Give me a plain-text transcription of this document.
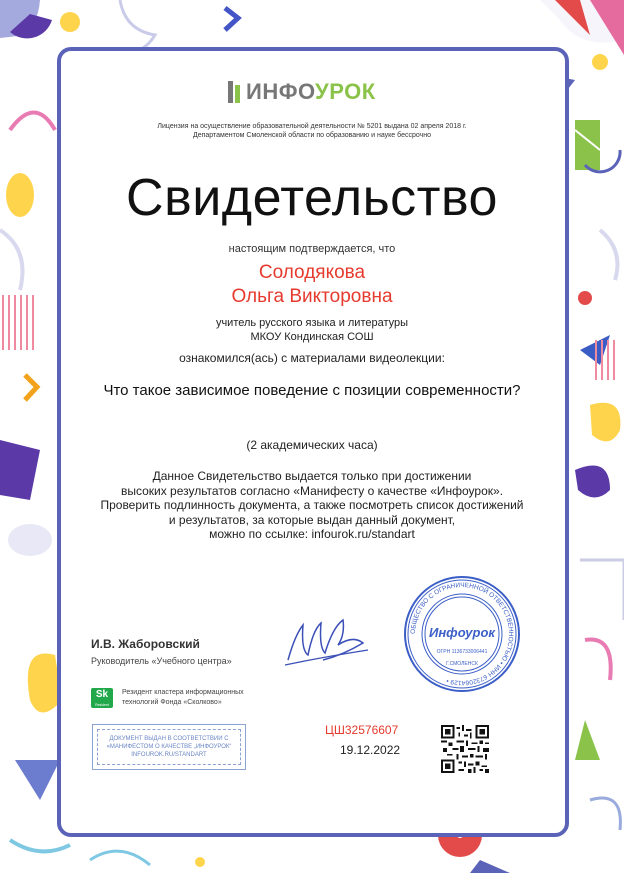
ИНФОУРОК
Лицензия на осуществление образовательной деятельности № 5201 выдана 02 апреля 2018 г.
Департаментом Смоленской области по образованию и науке бессрочно
Свидетельство
настоящим подтверждается, что
Солодякова
Ольга Викторовна
учитель русского языка и литературы
МКОУ Кондинская СОШ
ознакомился(ась) с материалами видеолекции:
Что такое зависимое поведение с позиции современности?
(2 академических часа)
Данное Свидетельство выдается только при достижении
высоких результатов согласно «Манифесту о качестве «Инфоурок».
Проверить подлинность документа, а также посмотреть список достижений
и результатов, за которые выдан данный документ,
можно по ссылке: infourok.ru/standart
И.В. Жаборовский
Руководитель «Учебного центра»
ОБЩЕСТВО С ОГРАНИЧЕННОЙ ОТВЕТСТВЕННОСТЬЮ • ИНН 6732064129 •
Инфоурок
ОГРН 1136733006441
Г.СМОЛЕНСК
Sk
Resident
Резидент кластера информационных
технологий Фонда «Сколково»
ДОКУМЕНТ ВЫДАН В СООТВЕТСТВИИ С
«МАНИФЕСТОМ О КАЧЕСТВЕ „ИНФОУРОК“
INFOUROK.RU/STANDART
ЦШ32576607
19.12.2022
